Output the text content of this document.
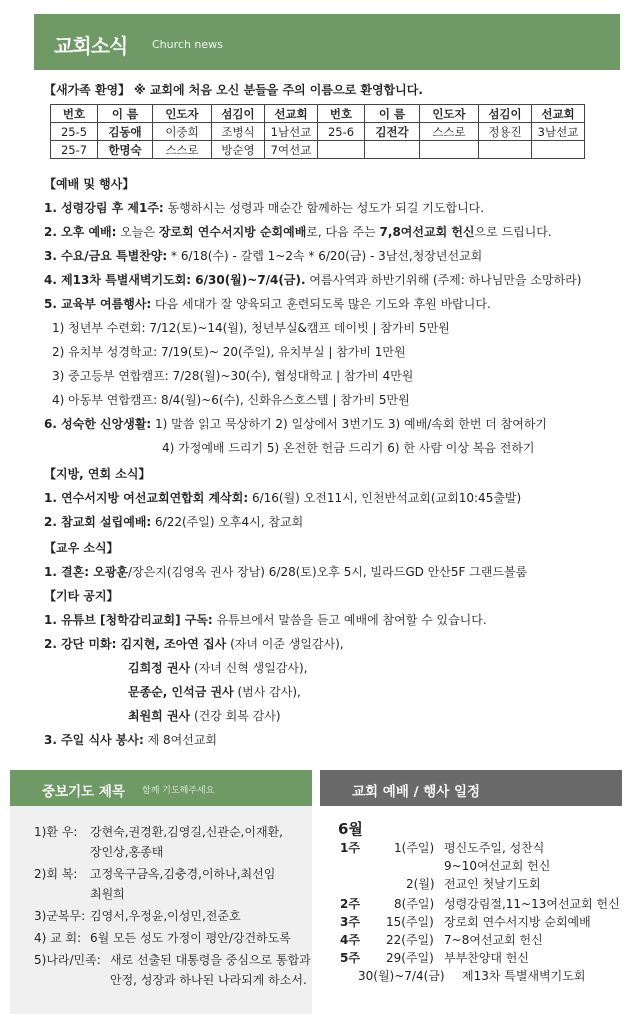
교회소식 Church news
【새가족 환영】 ※ 교회에 처음 오신 분들을 주의 이름으로 환영합니다.
번호	이 름	인도자	섬김이	선교회	번호	이 름	인도자	섬김이	선교회
25-5	김동애	이중희	조병식	1남선교	25-6	김전각	스스로	정용진	3남선교
25-7	한명숙	스스로	방순영	7여선교					
【예배 및 행사】
1. 성령강림 후 제1주: 동행하시는 성령과 매순간 함께하는 성도가 되길 기도합니다.
2. 오후 예배: 오늘은 장로회 연수서지방 순회예배로, 다음 주는 7,8여선교회 헌신으로 드립니다.
3. 수요/금요 특별찬양: * 6/18(수) - 갈렙 1~2속 * 6/20(금) - 3남선,청장년선교회
4. 제13차 특별새벽기도회: 6/30(월)~7/4(금). 여름사역과 하반기위해 (주제: 하나님만을 소망하라)
5. 교육부 여름행사: 다음 세대가 잘 양육되고 훈련되도록 많은 기도와 후원 바랍니다.
1) 청년부 수련회: 7/12(토)~14(월), 청년부실&캠프 데이빗 | 참가비 5만원
2) 유치부 성경학교: 7/19(토)~ 20(주일), 유치부실 | 참가비 1만원
3) 중고등부 연합캠프: 7/28(월)~30(수), 협성대학교 | 참가비 4만원
4) 아동부 연합캠프: 8/4(월)~6(수), 신화유스호스텔 | 참가비 5만원
6. 성숙한 신앙생활: 1) 말씀 읽고 묵상하기 2) 일상에서 3번기도 3) 예배/속회 한번 더 참여하기
4) 가정예배 드리기 5) 온전한 헌금 드리기 6) 한 사람 이상 복음 전하기
【지방, 연회 소식】
1. 연수서지방 여선교회연합회 계삭회: 6/16(월) 오전11시, 인천반석교회(교회10:45출발)
2. 참교회 설립예배: 6/22(주일) 오후4시, 참교회
【교우 소식】
1. 결혼: 오광훈/장은지(김영옥 권사 장남) 6/28(토)오후 5시, 빌라드GD 안산5F 그랜드볼룸
【기타 공지】
1. 유튜브 [청학감리교회] 구독: 유튜브에서 말씀을 듣고 예배에 참여할 수 있습니다.
2. 강단 미화: 김지현, 조아연 집사 (자녀 이준 생일감사),
김희정 권사 (자녀 신혁 생일감사),
문종순, 인석금 권사 (범사 감사),
최원희 권사 (건강 회복 감사)
3. 주일 식사 봉사: 제 8여선교회
중보기도 제목 함께 기도해주세요	교회 예배 / 행사 일정
1)환 우: 강현숙,권경환,김영길,신관순,이재환,
장인상,홍종태
2)회 복: 고정욱구금옥,김충경,이하나,최선임
최원희
3)군복무: 김영서,우정윤,이성민,전준호
4) 교 회: 6월 모든 성도 가정이 평안/강건하도록
5)나라/민족: 새로 선출된 대통령을 중심으로 통합과
안정, 성장과 하나된 나라되게 하소서.
6월
1주	1(주일) 평신도주일, 성찬식
9~10여선교회 헌신
2(월) 전교인 첫날기도회
2주	8(주일) 성령강림절,11~13여선교회 헌신
3주 15(주일) 장로회 연수서지방 순회예배
4주 22(주일) 7~8여선교회 헌신
5주 29(주일) 부부찬양대 헌신
30(월)~7/4(금) 제13차 특별새벽기도회
